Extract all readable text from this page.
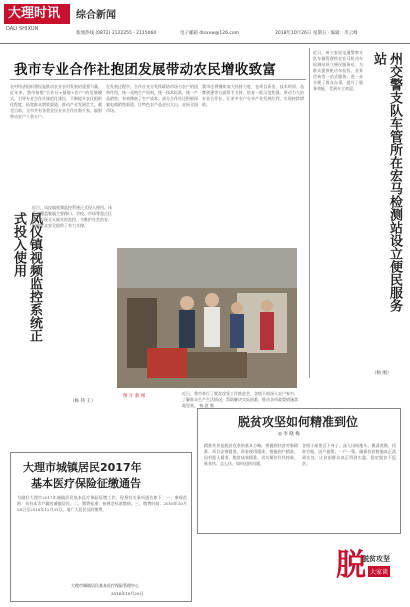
大理时讯
DALI SHIXUN
综合新闻
新闻热线 (0872) 2122255 · 2115060	电子邮箱 dlsxxw@126.com	2018年10月26日 星期五 · 编辑：李云峰
我市专业合作社抱团发展带动农民增收致富
农村经济组织建设是推动农业农村发展的重要力量。近年来，我市按照“合作社+基地+农户”的发展模式，引导专业合作社规范化建设，不断提升农民组织化程度，拓宽群众增收渠道，推动产业发展壮大。截至目前，全市共有各类农民专业合作社数千家，辐射带动农户十余万户。
在发展过程中，合作社充分发挥联结市场与农户的纽带作用，统一采购生产资料，统一技术标准，统一产品销售，有效降低了生产成本。部分合作社还积极探索电商销售渠道，让特色农产品走出大山，走向全国市场。
我市还将继续加大扶持力度，在项目资金、技术培训、品牌创建等方面给予支持，培育一批示范性强、带动力大的专业合作社，让更多农户分享产业发展红利，实现持续增收。
近日，州公安局交通警察支队车辆管理所在宏马机动车检测站设立便民服务站，为群众提供机动车检验、业务咨询等一站式服务，进一步方便了群众办事，提升了服务效能，受到车主欢迎。	州交警支队车管所在宏马检测站设立便民服务站
（杨 刚）
凤仪镇视频监控系统正式投入使用
近日，凤仪镇视频监控系统正式投入使用。该系统覆盖集镇主要路口、学校、市场等重点区域，实现全天候实时监控，为维护社会治安、保障群众安全提供了有力支撑。
（杨 伟 王）
图 片 新 闻
近日，我市举行了脱贫攻坚工作推进会，各级干部深入农户家中，了解群众生产生活情况，帮助解决实际困难，推动各项政策措施落地见效。 杨 波 摄
脱贫攻坚如何精准到位
◎ 李 晓 梅
精准扶贫是脱贫攻坚的基本方略。要做到扶贫对象精准、项目安排精准、资金使用精准、措施到户精准、因村派人精准、脱贫成效精准，切实解决好扶持谁、谁来扶、怎么扶、如何退的问题。
各级干部要沉下身子，深入田间地头，摸清底数，找准穷根，因户施策，一户一策，确保扶贫措施真正落到实处，让贫困群众真正得到实惠，稳定脱贫不返贫。
大理市城镇居民2017年
基本医疗保险征缴通告
为做好大理市2017年城镇居民基本医疗保险征缴工作，现将有关事项通告如下：一、参保范围：具有本市户籍的城镇居民。二、缴费标准：按规定标准缴纳。三、缴费时间：2016年10月24日至2016年12月31日。请广大居民及时缴费。
大理市城镇居民基本医疗保险管理中心
2016年10月20日
脱
脱贫攻坚
大家谈
